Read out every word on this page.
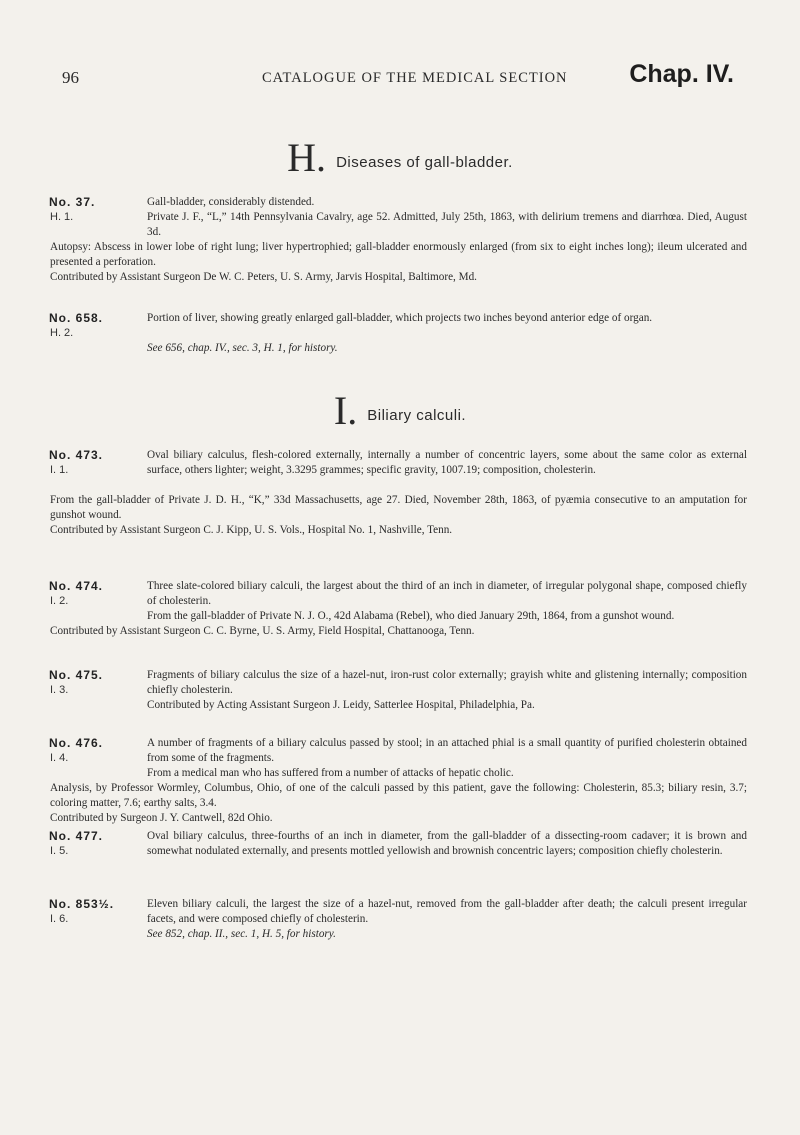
96	CATALOGUE OF THE MEDICAL SECTION Chap. IV.
H. Diseases of gall-bladder.
No. 37.
H. 1.
Gall-bladder, considerably distended.
Private J. F., “L,” 14th Pennsylvania Cavalry, age 52. Admitted, July 25th, 1863, with delirium tremens and diarrhœa. Died, August 3d.

Autopsy: Abscess in lower lobe of right lung; liver hypertrophied; gall-bladder enormously enlarged (from six to eight inches long); ileum ulcerated and presented a perforation.

Contributed by Assistant Surgeon De W. C. Peters, U. S. Army, Jarvis Hospital, Baltimore, Md.

No. 658.
H. 2.
Portion of liver, showing greatly enlarged gall-bladder, which projects two inches beyond anterior edge of organ.
See 656, chap. IV., sec. 3, H. 1, for history.
I. Biliary calculi.
No. 473.
I. 1.
Oval biliary calculus, flesh-colored externally, internally a number of concentric layers, some about the same color as external surface, others lighter; weight, 3.3295 grammes; specific gravity, 1007.19; composition, cholesterin.

From the gall-bladder of Private J. D. H., “K,” 33d Massachusetts, age 27. Died, November 28th, 1863, of pyæmia consecutive to an amputation for gunshot wound.

Contributed by Assistant Surgeon C. J. Kipp, U. S. Vols., Hospital No. 1, Nashville, Tenn.

No. 474.
I. 2.
Three slate-colored biliary calculi, the largest about the third of an inch in diameter, of irregular polygonal shape, composed chiefly of cholesterin.

From the gall-bladder of Private N. J. O., 42d Alabama (Rebel), who died January 29th, 1864, from a gunshot wound.

Contributed by Assistant Surgeon C. C. Byrne, U. S. Army, Field Hospital, Chattanooga, Tenn.

No. 475.
I. 3.
Fragments of biliary calculus the size of a hazel-nut, iron-rust color externally; grayish white and glistening internally; composition chiefly cholesterin.
Contributed by Acting Assistant Surgeon J. Leidy, Satterlee Hospital, Philadelphia, Pa.
No. 476.
I. 4.
A number of fragments of a biliary calculus passed by stool; in an attached phial is a small quantity of purified cholesterin obtained from some of the fragments.

From a medical man who has suffered from a number of attacks of hepatic cholic.

Analysis, by Professor Wormley, Columbus, Ohio, of one of the calculi passed by this patient, gave the following: Cholesterin, 85.3; biliary resin, 3.7; coloring matter, 7.6; earthy salts, 3.4.

Contributed by Surgeon J. Y. Cantwell, 82d Ohio.

No. 477.
I. 5.
Oval biliary calculus, three-fourths of an inch in diameter, from the gall-bladder of a dissecting-room cadaver; it is brown and somewhat nodulated externally, and presents mottled yellowish and brownish concentric layers; composition chiefly cholesterin.
No. 853½.
I. 6.
Eleven biliary calculi, the largest the size of a hazel-nut, removed from the gall-bladder after death; the calculi present irregular facets, and were composed chiefly of cholesterin.
See 852, chap. II., sec. 1, H. 5, for history.
